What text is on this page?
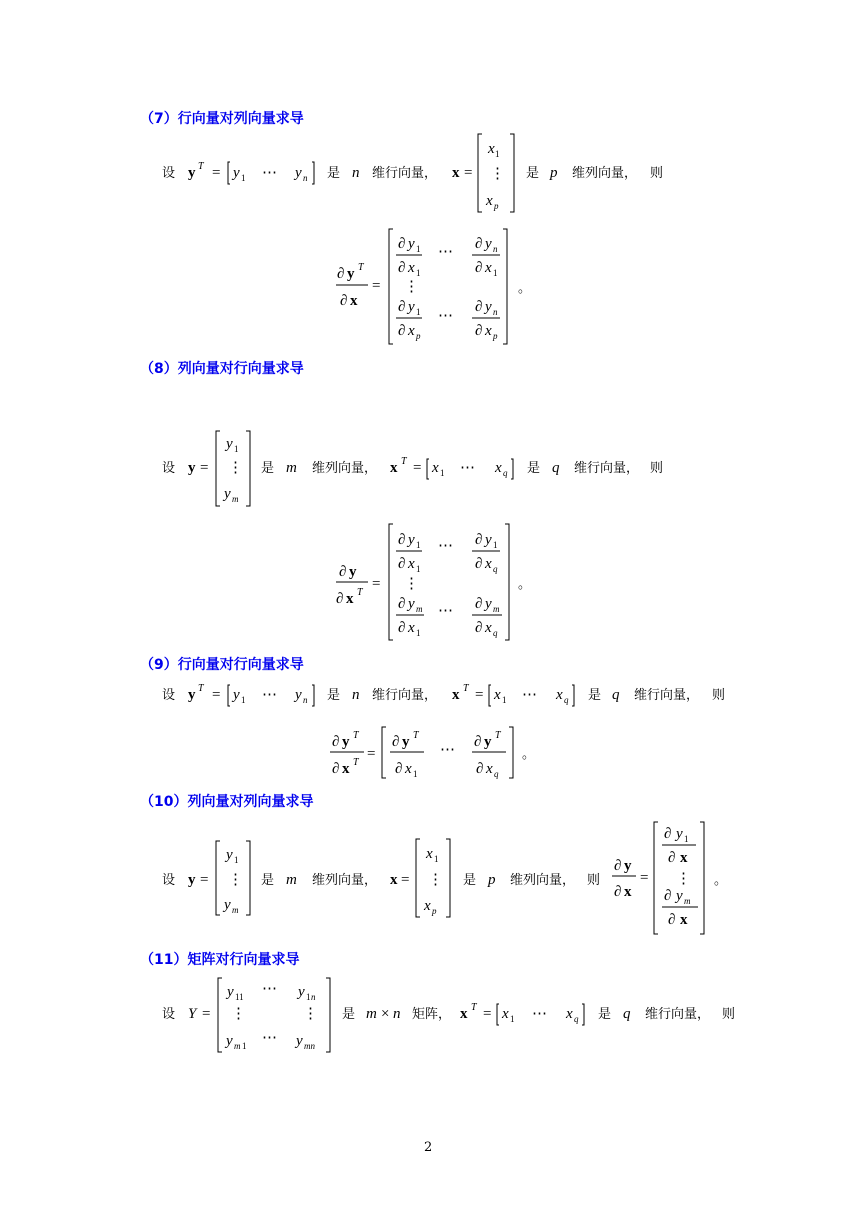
（7）行向量对列向量求导
（8）列向量对行向量求导
（9）行向量对行向量求导
（10）列向量对列向量求导
（11）矩阵对行向量求导
设 y T = y 1 ⋯ y n 是 n 维行向量， x =
x 1
⋮
x p
是 p 维列向量， 则
∂ y T
∂ x
=
∂ y 1
∂ x 1
⋯ ∂ y n
∂ x 1
⋮
∂ y 1
∂ x p
⋯
∂ y n
∂ x p
。
设 y =
y 1
⋮
y m
是 m 维列向量， x T = x 1 ⋯ x q 是 q 维行向量， 则
∂ y
∂ x T
=
∂ y 1
∂ x 1
⋯ ∂ y 1
∂ x q
⋮
∂ y m
∂ x 1
⋯ ∂ y m
∂ x q
。
设 y T = y 1 ⋯ y n 是 n 维行向量， x T = x 1 ⋯ x q 是 q 维行向量， 则
∂ y T
∂ x T
=
∂ y T
∂ x 1
⋯ ∂ y T
∂ x q
。
设 y =
y 1
⋮
y m
是 m 维列向量， x =
x 1
⋮
x p
是 p 维列向量， 则
∂ y
∂ x
=
∂ y 1
∂ x
⋮
∂ y m
∂ x
。
设 Y =
y 11 ⋯ y 1 n
⋮	⋮
y m 1 ⋯ y mn
是 m × n 矩阵， x T = x 1 ⋯ x q 是 q 维行向量， 则
2
